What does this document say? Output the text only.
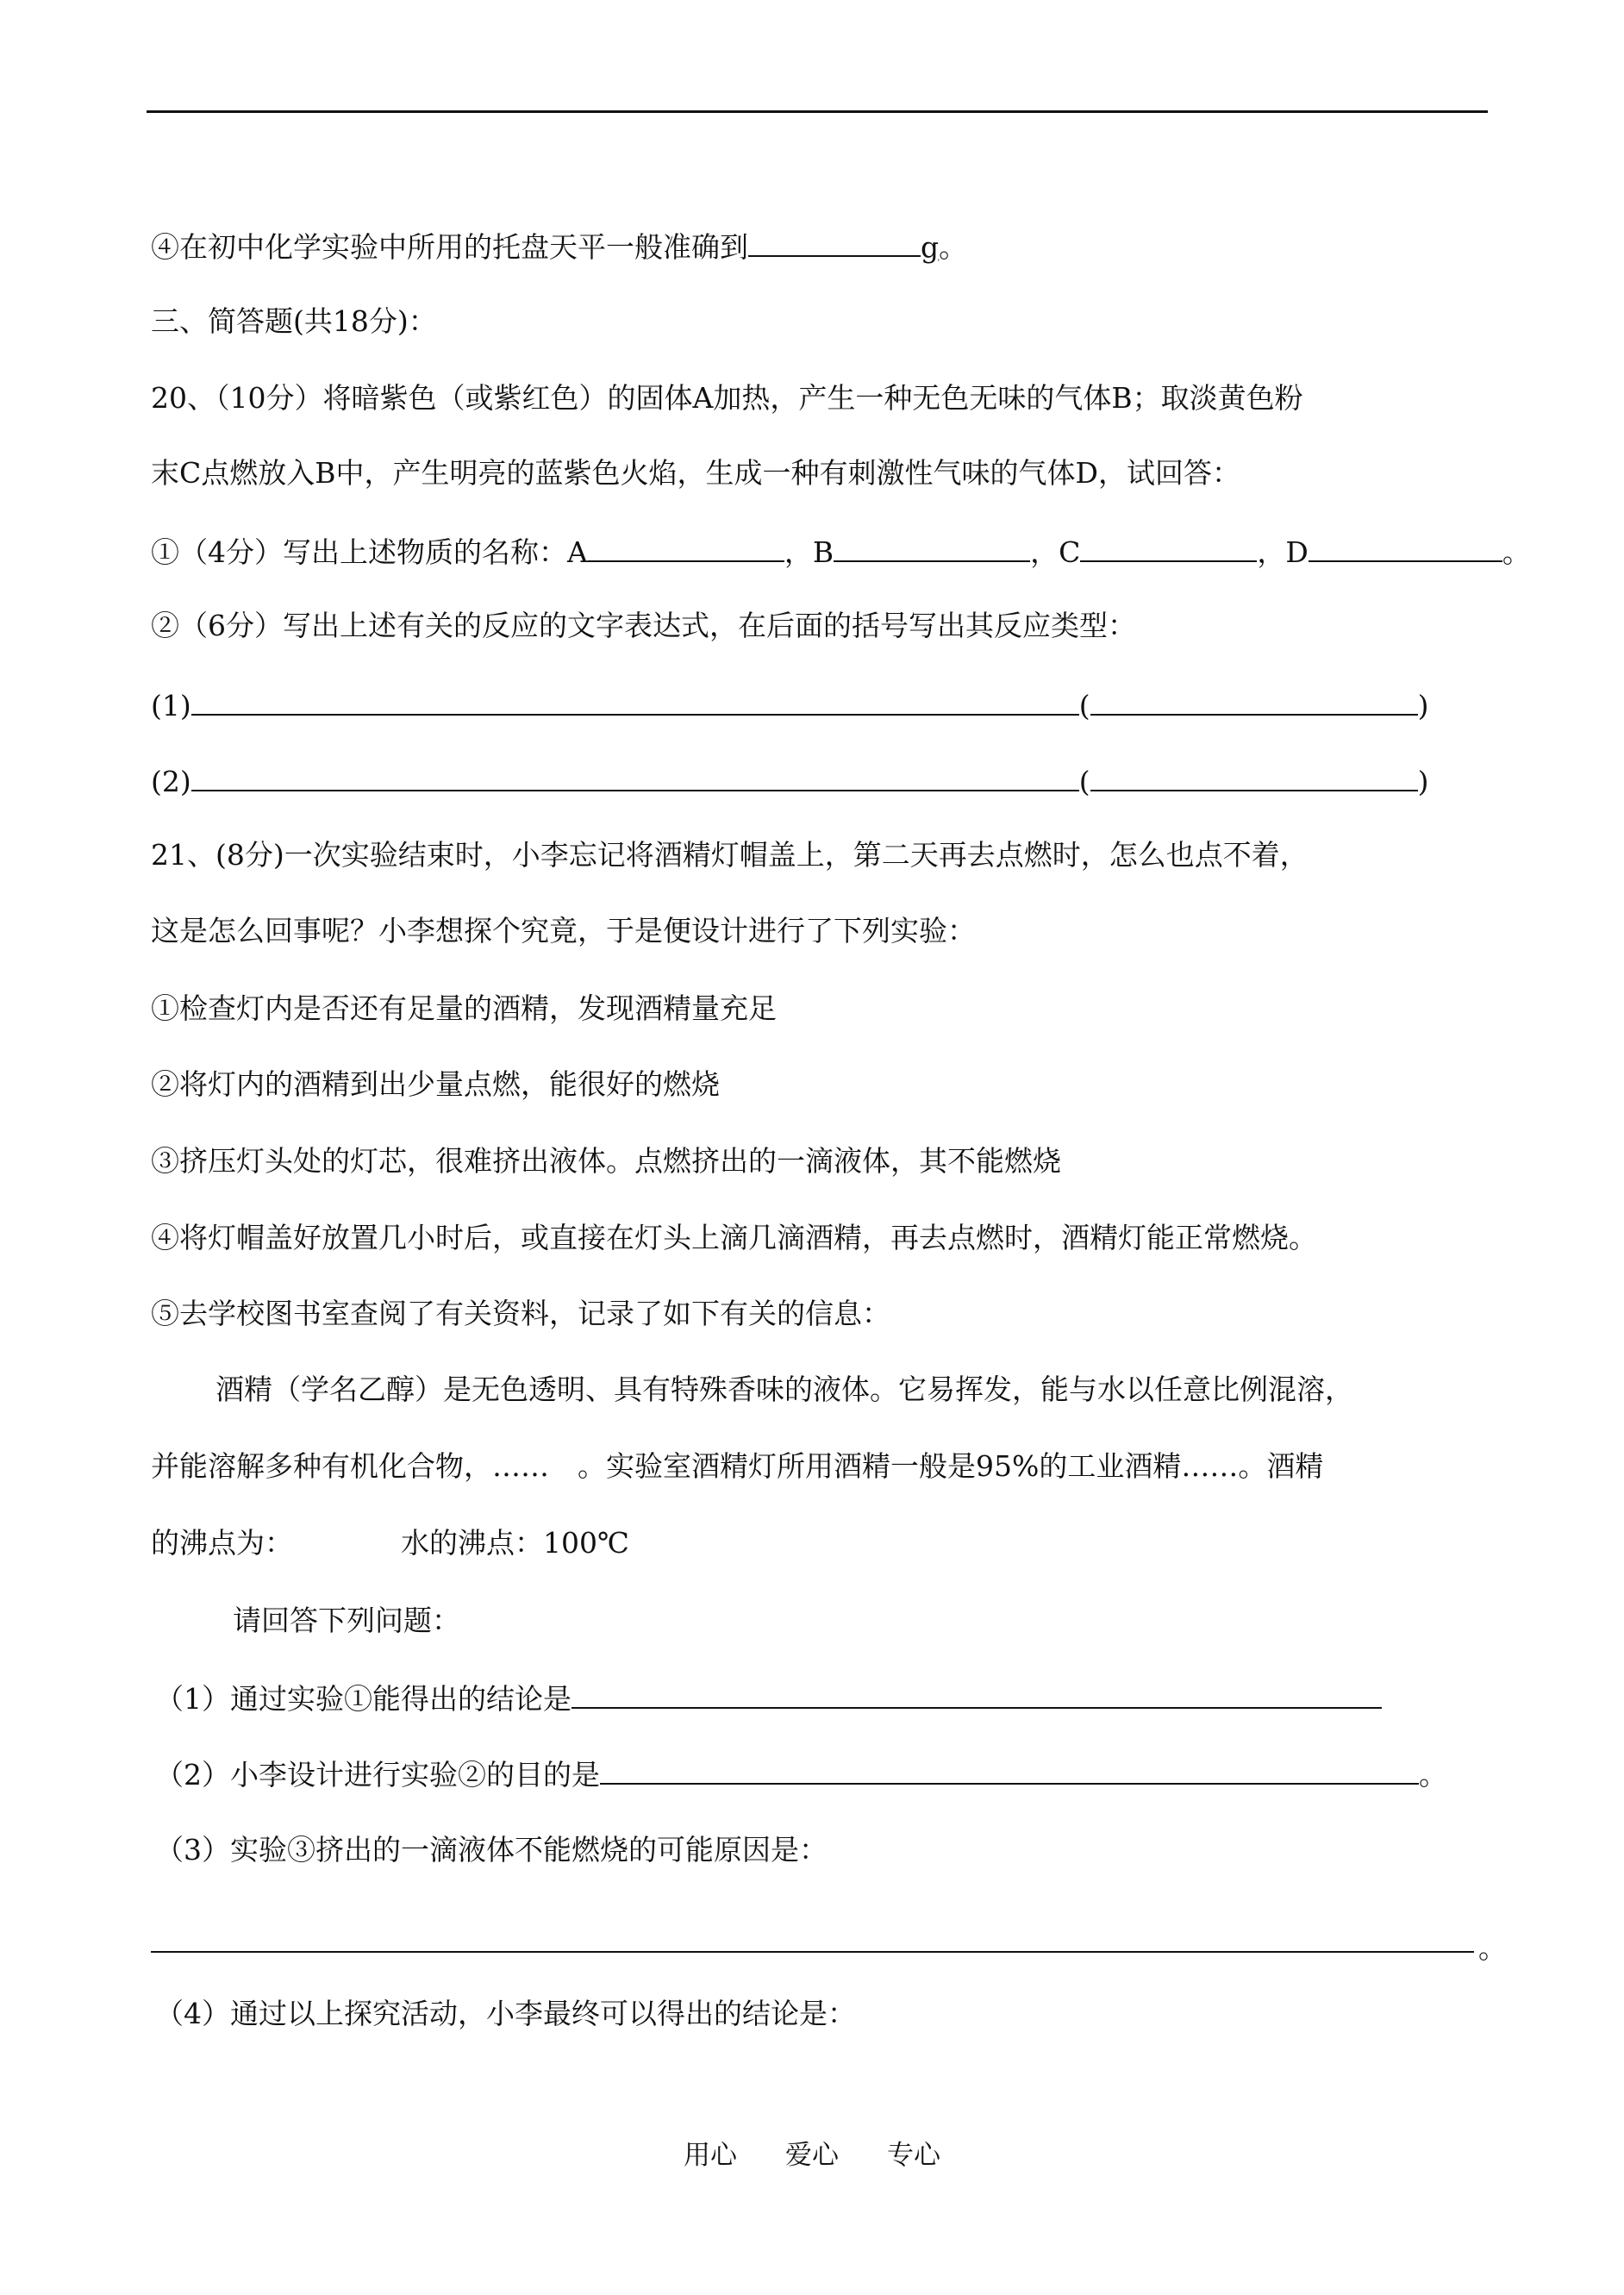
④在初中化学实验中所用的托盘天平一般准确到	g。
三、简答题(共18分)：
20、（10分）将暗紫色（或紫红色）的固体A加热，产生一种无色无味的气体B；取淡黄色粉
末C点燃放入B中，产生明亮的蓝紫色火焰，生成一种有刺激性气味的气体D，试回答：
①（4分）写出上述物质的名称：A	，B	，C	，D	。
②（6分）写出上述有关的反应的文字表达式，在后面的括号写出其反应类型：
(1)	(	)
(2)	(	)
21、(8分)一次实验结束时，小李忘记将酒精灯帽盖上，第二天再去点燃时，怎么也点不着，
这是怎么回事呢？小李想探个究竟，于是便设计进行了下列实验：
①检查灯内是否还有足量的酒精，发现酒精量充足
②将灯内的酒精到出少量点燃，能很好的燃烧
③挤压灯头处的灯芯，很难挤出液体。点燃挤出的一滴液体，其不能燃烧
④将灯帽盖好放置几小时后，或直接在灯头上滴几滴酒精，再去点燃时，酒精灯能正常燃烧。
⑤去学校图书室查阅了有关资料，记录了如下有关的信息：
酒精（学名乙醇）是无色透明、具有特殊香味的液体。它易挥发，能与水以任意比例混溶，
并能溶解多种有机化合物，……　。实验室酒精灯所用酒精一般是95%的工业酒精……。酒精
的沸点为：	水的沸点：100℃
请回答下列问题：
（1）通过实验①能得出的结论是
（2）小李设计进行实验②的目的是	。
（3）实验③挤出的一滴液体不能燃烧的可能原因是：
。
（4）通过以上探究活动，小李最终可以得出的结论是：
用心 爱心 专心
